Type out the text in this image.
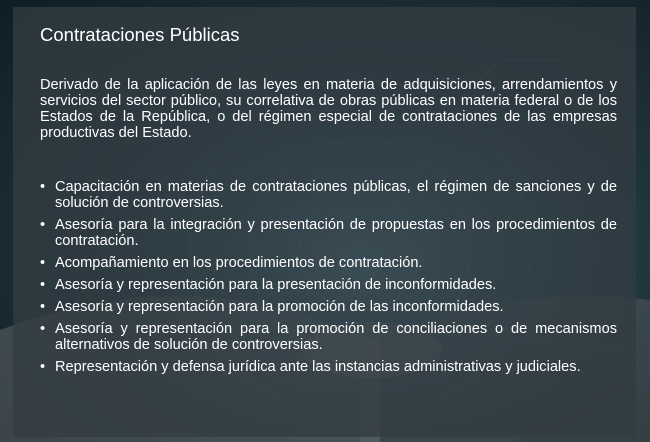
Contrataciones Públicas

Derivado de la aplicación de las leyes en materia de adquisiciones, arrendamientos y servicios del sector público, su correlativa de obras públicas en materia federal o de los Estados de la República, o del régimen especial de contrataciones de las empresas productivas del Estado.

• Capacitación en materias de contrataciones públicas, el régimen de sanciones y de solución de controversias.
• Asesoría para la integración y presentación de propuestas en los procedimientos de contratación.
• Acompañamiento en los procedimientos de contratación.
• Asesoría y representación para la presentación de inconformidades.
• Asesoría y representación para la promoción de las inconformidades.
• Asesoría y representación para la promoción de conciliaciones o de mecanismos alternativos de solución de controversias.
• Representación y defensa jurídica ante las instancias administrativas y judiciales.
